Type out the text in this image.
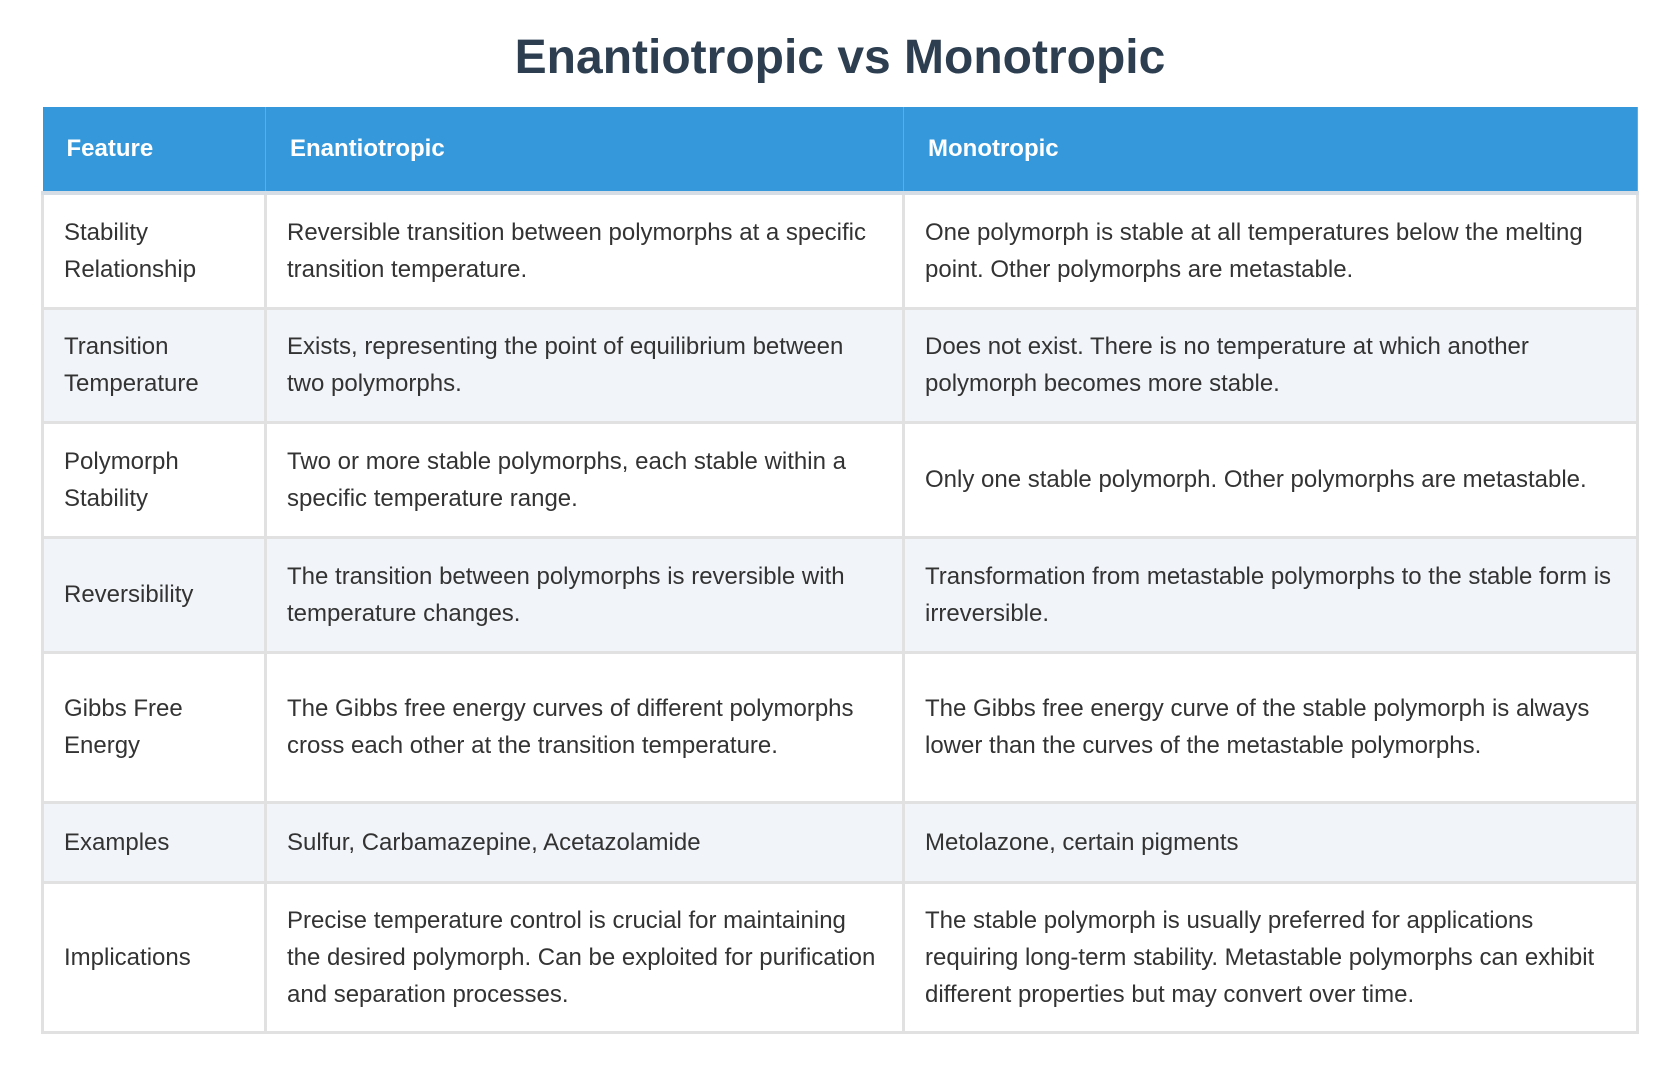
Enantiotropic vs Monotropic
Feature	Enantiotropic	Monotropic
Stability Relationship	Reversible transition between polymorphs at a specific transition temperature.	One polymorph is stable at all temperatures below the melting point. Other polymorphs are metastable.
Transition Temperature	Exists, representing the point of equilibrium between two polymorphs.	Does not exist. There is no temperature at which another polymorph becomes more stable.
Polymorph Stability	Two or more stable polymorphs, each stable within a specific temperature range.	Only one stable polymorph. Other polymorphs are metastable.
Reversibility	The transition between polymorphs is reversible with temperature changes.	Transformation from metastable polymorphs to the stable form is irreversible.
Gibbs Free Energy	The Gibbs free energy curves of different polymorphs cross each other at the transition temperature.	The Gibbs free energy curve of the stable polymorph is always lower than the curves of the metastable polymorphs.
Examples	Sulfur, Carbamazepine, Acetazolamide	Metolazone, certain pigments
Implications	Precise temperature control is crucial for maintaining the desired polymorph. Can be exploited for purification and separation processes.	The stable polymorph is usually preferred for applications requiring long-term stability. Metastable polymorphs can exhibit different properties but may convert over time.
